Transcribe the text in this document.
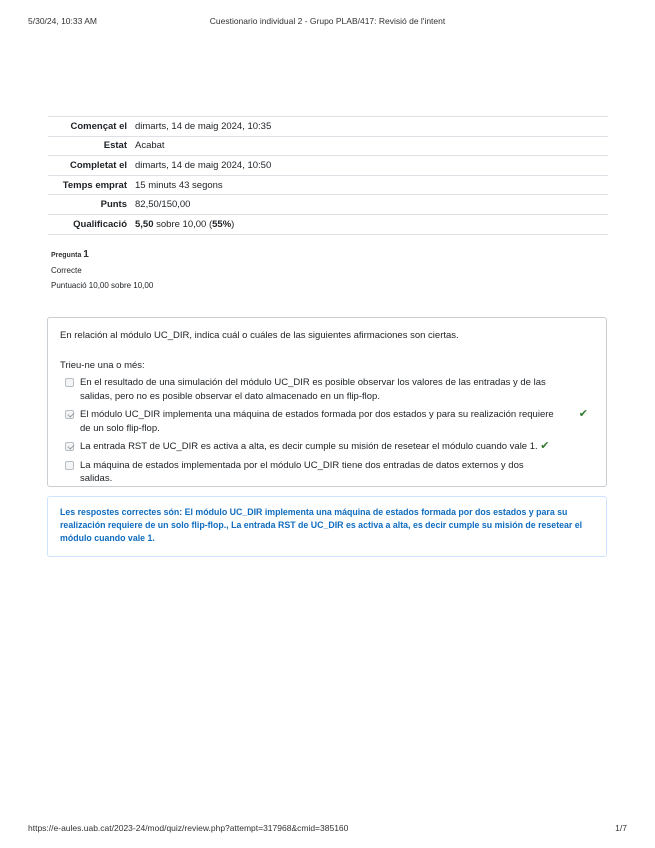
5/30/24, 10:33 AM	Cuestionario individual 2 - Grupo PLAB/417: Revisió de l'intent
Començat el	dimarts, 14 de maig 2024, 10:35
Estat	Acabat
Completat el	dimarts, 14 de maig 2024, 10:50
Temps emprat	15 minuts 43 segons
Punts	82,50/150,00
Qualificació	5,50 sobre 10,00 (55%)
Pregunta 1
Correcte
Puntuació 10,00 sobre 10,00
En relación al módulo UC_DIR, indica cuál o cuáles de las siguientes afirmaciones son ciertas.
Trieu-ne una o més:
En el resultado de una simulación del módulo UC_DIR es posible observar los valores de las entradas y de las salidas, pero no es posible observar el dato almacenado en un flip-flop.
El módulo UC_DIR implementa una máquina de estados formada por dos estados y para su realización requiere de un solo flip-flop.
✔
La entrada RST de UC_DIR es activa a alta, es decir cumple su misión de resetear el módulo cuando vale 1. ✔
La máquina de estados implementada por el módulo UC_DIR tiene dos entradas de datos externos y dos salidas.
Les respostes correctes són: El módulo UC_DIR implementa una máquina de estados formada por dos estados y para su realización requiere de un solo flip-flop., La entrada RST de UC_DIR es activa a alta, es decir cumple su misión de resetear el módulo cuando vale 1.
https://e-aules.uab.cat/2023-24/mod/quiz/review.php?attempt=317968&cmid=385160	1/7
